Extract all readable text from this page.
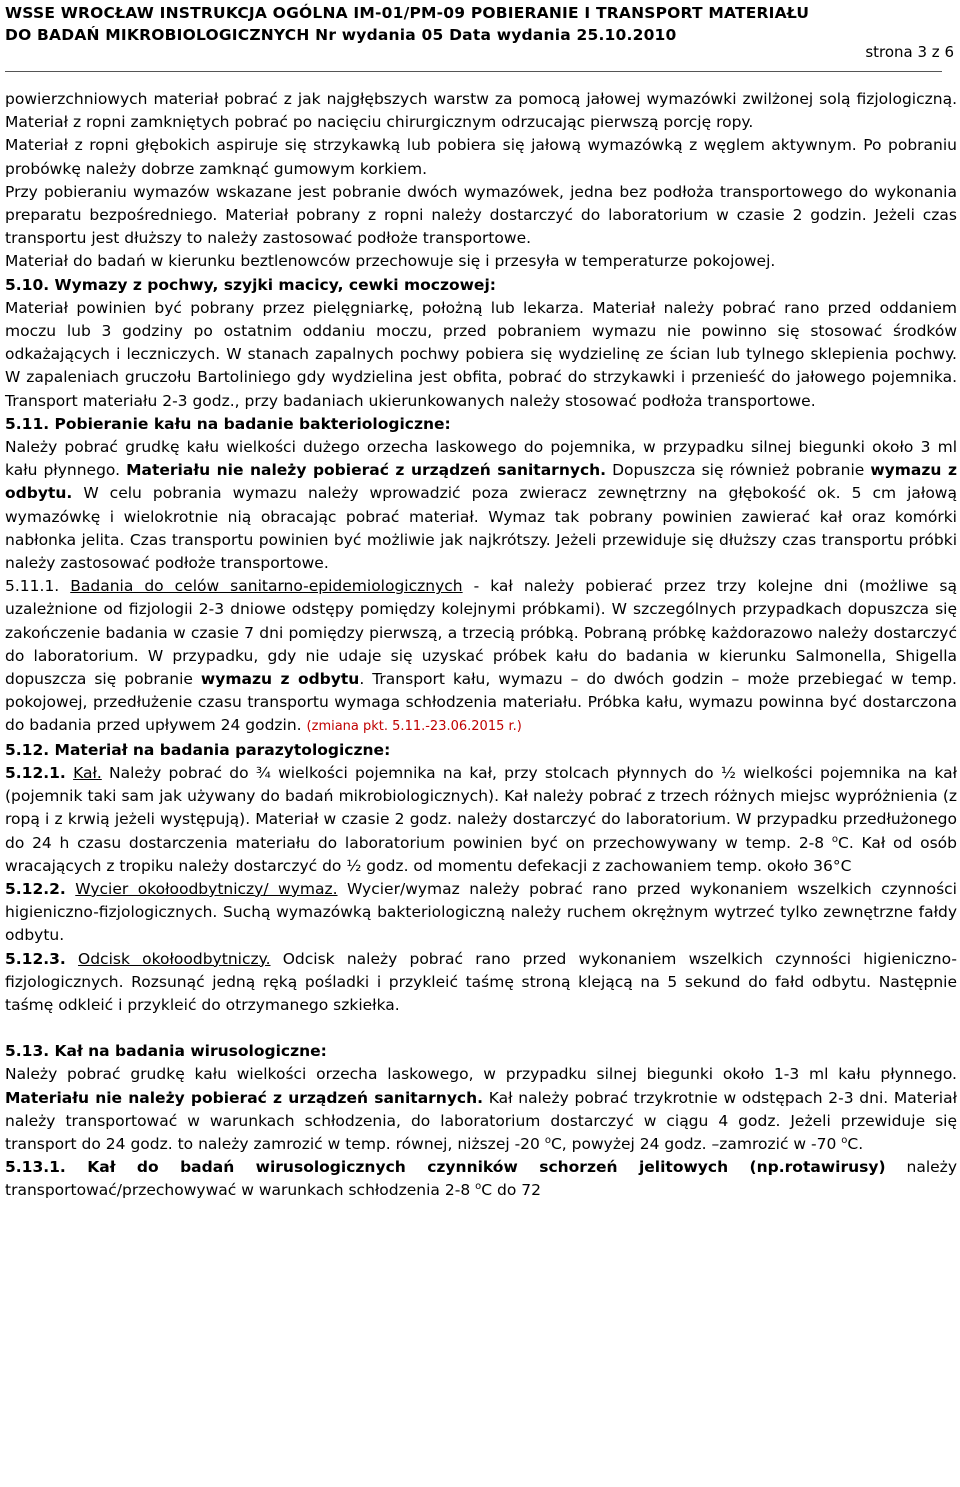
WSSE WROCŁAW INSTRUKCJA OGÓLNA IM-01/PM-09 POBIERANIE I TRANSPORT MATERIAŁU
DO BADAŃ MIKROBIOLOGICZNYCH Nr wydania 05 Data wydania 25.10.2010
strona 3 z 6

powierzchniowych materiał pobrać z jak najgłębszych warstw za pomocą jałowej wymazówki zwilżonej solą fizjologiczną. Materiał z ropni zamkniętych pobrać po nacięciu chirurgicznym odrzucając pierwszą porcję ropy.

Materiał z ropni głębokich aspiruje się strzykawką lub pobiera się jałową wymazówką z węglem aktywnym. Po pobraniu probówkę należy dobrze zamknąć gumowym korkiem.

Przy pobieraniu wymazów wskazane jest pobranie dwóch wymazówek, jedna bez podłoża transportowego do wykonania preparatu bezpośredniego. Materiał pobrany z ropni należy dostarczyć do laboratorium w czasie 2 godzin. Jeżeli czas transportu jest dłuższy to należy zastosować podłoże transportowe.

Materiał do badań w kierunku beztlenowców przechowuje się i przesyła w temperaturze pokojowej.

5.10. Wymazy z pochwy, szyjki macicy, cewki moczowej:

Materiał powinien być pobrany przez pielęgniarkę, położną lub lekarza. Materiał należy pobrać rano przed oddaniem moczu lub 3 godziny po ostatnim oddaniu moczu, przed pobraniem wymazu nie powinno się stosować środków odkażających i leczniczych. W stanach zapalnych pochwy pobiera się wydzielinę ze ścian lub tylnego sklepienia pochwy. W zapaleniach gruczołu Bartoliniego gdy wydzielina jest obfita, pobrać do strzykawki i przenieść do jałowego pojemnika. Transport materiału 2-3 godz., przy badaniach ukierunkowanych należy stosować podłoża transportowe.

5.11. Pobieranie kału na badanie bakteriologiczne:

Należy pobrać grudkę kału wielkości dużego orzecha laskowego do pojemnika, w przypadku silnej biegunki około 3 ml kału płynnego. Materiału nie należy pobierać z urządzeń sanitarnych. Dopuszcza się również pobranie wymazu z odbytu. W celu pobrania wymazu należy wprowadzić poza zwieracz zewnętrzny na głębokość ok. 5 cm jałową wymazówkę i wielokrotnie nią obracając pobrać materiał. Wymaz tak pobrany powinien zawierać kał oraz komórki nabłonka jelita. Czas transportu powinien być możliwie jak najkrótszy. Jeżeli przewiduje się dłuższy czas transportu próbki należy zastosować podłoże transportowe.

5.11.1. Badania do celów sanitarno-epidemiologicznych - kał należy pobierać przez trzy kolejne dni (możliwe są uzależnione od fizjologii 2-3 dniowe odstępy pomiędzy kolejnymi próbkami). W szczególnych przypadkach dopuszcza się zakończenie badania w czasie 7 dni pomiędzy pierwszą, a trzecią próbką. Pobraną próbkę każdorazowo należy dostarczyć do laboratorium. W przypadku, gdy nie udaje się uzyskać próbek kału do badania w kierunku Salmonella, Shigella dopuszcza się pobranie wymazu z odbytu. Transport kału, wymazu – do dwóch godzin – może przebiegać w temp. pokojowej, przedłużenie czasu transportu wymaga schłodzenia materiału. Próbka kału, wymazu powinna być dostarczona do badania przed upływem 24 godzin. (zmiana pkt. 5.11.-23.06.2015 r.)

5.12. Materiał na badania parazytologiczne:

5.12.1. Kał. Należy pobrać do ¾ wielkości pojemnika na kał, przy stolcach płynnych do ½ wielkości pojemnika na kał (pojemnik taki sam jak używany do badań mikrobiologicznych). Kał należy pobrać z trzech różnych miejsc wypróżnienia (z ropą i z krwią jeżeli występują). Materiał w czasie 2 godz. należy dostarczyć do laboratorium. W przypadku przedłużonego do 24 h czasu dostarczenia materiału do laboratorium powinien być on przechowywany w temp. 2-8 $^o$C. Kał od osób wracających z tropiku należy dostarczyć do ½ godz. od momentu defekacji z zachowaniem temp. około 36°C

5.12.2. Wycier okołoodbytniczy/ wymaz. Wycier/wymaz należy pobrać rano przed wykonaniem wszelkich czynności higieniczno-fizjologicznych. Suchą wymazówką bakteriologiczną należy ruchem okrężnym wytrzeć tylko zewnętrzne fałdy odbytu.

5.12.3. Odcisk okołoodbytniczy. Odcisk należy pobrać rano przed wykonaniem wszelkich czynności higieniczno-fizjologicznych. Rozsunąć jedną ręką pośladki i przykleić taśmę stroną klejącą na 5 sekund do fałd odbytu. Następnie taśmę odkleić i przykleić do otrzymanego szkiełka.

5.13. Kał na badania wirusologiczne:

Należy pobrać grudkę kału wielkości orzecha laskowego, w przypadku silnej biegunki około 1-3 ml kału płynnego. Materiału nie należy pobierać z urządzeń sanitarnych. Kał należy pobrać trzykrotnie w odstępach 2-3 dni. Materiał należy transportować w warunkach schłodzenia, do laboratorium dostarczyć w ciągu 4 godz. Jeżeli przewiduje się transport do 24 godz. to należy zamrozić w temp. równej, niższej -20 $^o$C, powyżej 24 godz. –zamrozić w -70 $^o$C.

5.13.1. Kał do badań wirusologicznych czynników schorzeń jelitowych (np.rotawirusy) należy transportować/przechowywać w warunkach schłodzenia 2-8 $^o$C do 72
